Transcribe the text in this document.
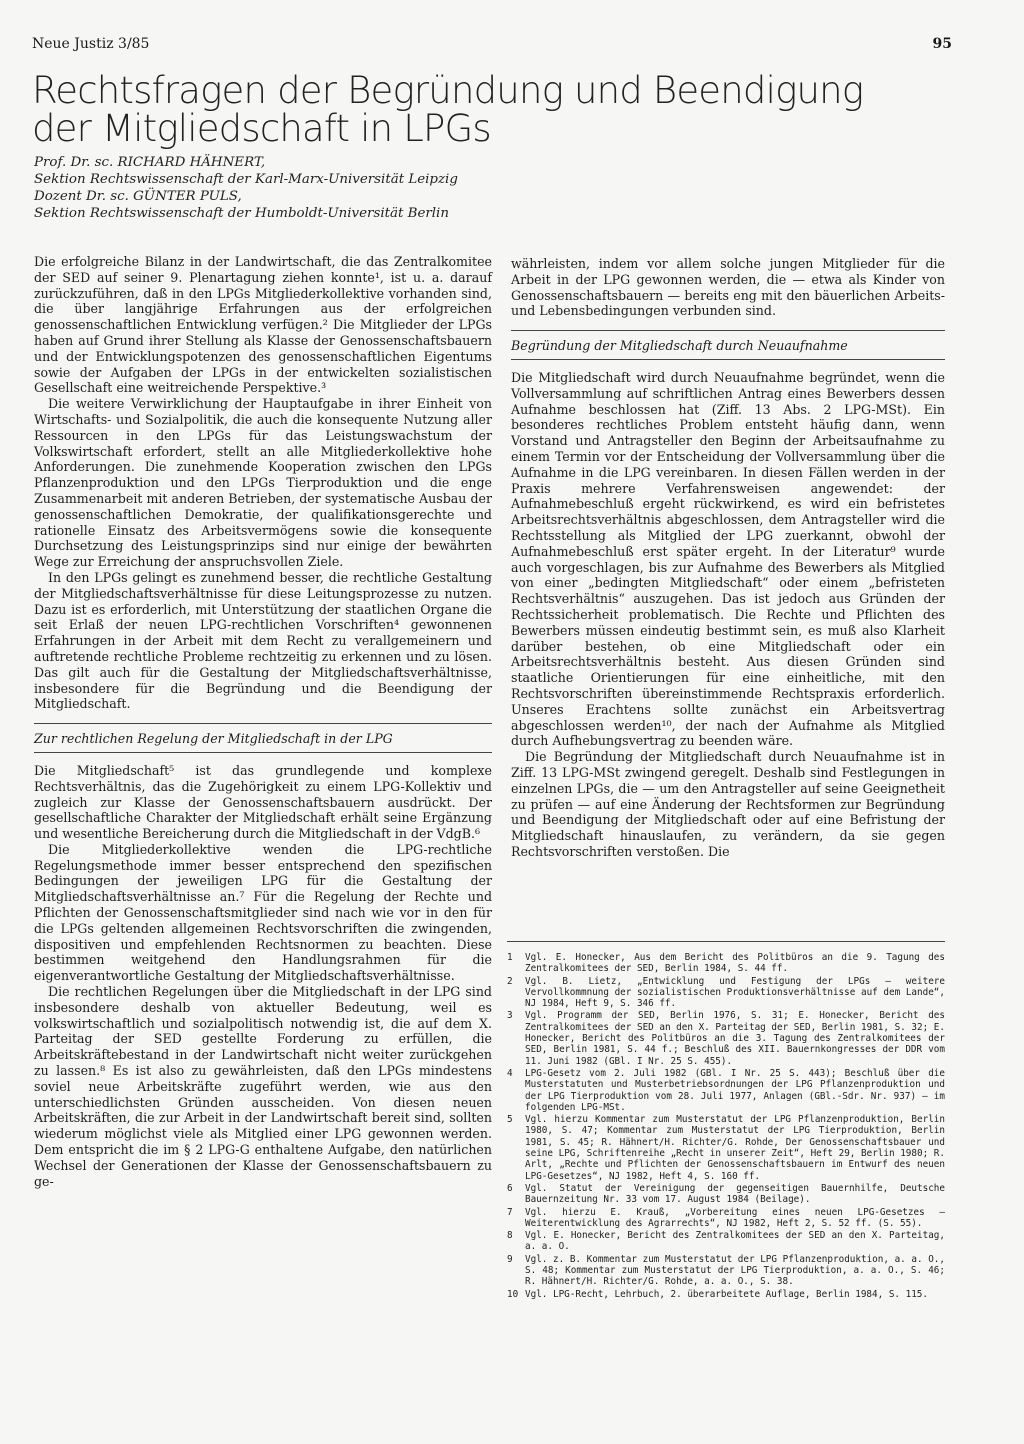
Neue Justiz 3/85	95
Rechtsfragen der Begründung und Beendigung
der Mitgliedschaft in LPGs
Prof. Dr. sc. RICHARD HÄHNERT,
Sektion Rechtswissenschaft der Karl-Marx-Universität Leipzig
Dozent Dr. sc. GÜNTER PULS,
Sektion Rechtswissenschaft der Humboldt-Universität Berlin

Die erfolgreiche Bilanz in der Landwirtschaft, die das Zentralkomitee der SED auf seiner 9. Plenartagung ziehen konnte¹, ist u. a. darauf zurückzuführen, daß in den LPGs Mitgliederkollektive vorhanden sind, die über langjährige Erfahrungen aus der erfolgreichen genossenschaftlichen Entwicklung verfügen.² Die Mitglieder der LPGs haben auf Grund ihrer Stellung als Klasse der Genossenschaftsbauern und der Entwicklungspotenzen des genossenschaftlichen Eigentums sowie der Aufgaben der LPGs in der entwickelten sozialistischen Gesellschaft eine weitreichende Perspektive.³

Die weitere Verwirklichung der Hauptaufgabe in ihrer Einheit von Wirtschafts- und Sozialpolitik, die auch die konsequente Nutzung aller Ressourcen in den LPGs für das Leistungswachstum der Volkswirtschaft erfordert, stellt an alle Mitgliederkollektive hohe Anforderungen. Die zunehmende Kooperation zwischen den LPGs Pflanzenproduktion und den LPGs Tierproduktion und die enge Zusammenarbeit mit anderen Betrieben, der systematische Ausbau der genossenschaftlichen Demokratie, der qualifikationsgerechte und rationelle Einsatz des Arbeitsvermögens sowie die konsequente Durchsetzung des Leistungsprinzips sind nur einige der bewährten Wege zur Erreichung der anspruchsvollen Ziele.

In den LPGs gelingt es zunehmend besser, die rechtliche Gestaltung der Mitgliedschaftsverhältnisse für diese Leitungsprozesse zu nutzen. Dazu ist es erforderlich, mit Unterstützung der staatlichen Organe die seit Erlaß der neuen LPG-rechtlichen Vorschriften⁴ gewonnenen Erfahrungen in der Arbeit mit dem Recht zu verallgemeinern und auftretende rechtliche Probleme rechtzeitig zu erkennen und zu lösen. Das gilt auch für die Gestaltung der Mitgliedschaftsverhältnisse, insbesondere für die Begründung und die Beendigung der Mitgliedschaft.

Zur rechtlichen Regelung der Mitgliedschaft in der LPG

Die Mitgliedschaft⁵ ist das grundlegende und komplexe Rechtsverhältnis, das die Zugehörigkeit zu einem LPG-Kollektiv und zugleich zur Klasse der Genossenschaftsbauern ausdrückt. Der gesellschaftliche Charakter der Mitgliedschaft erhält seine Ergänzung und wesentliche Bereicherung durch die Mitgliedschaft in der VdgB.⁶

Die Mitgliederkollektive wenden die LPG-rechtliche Regelungsmethode immer besser entsprechend den spezifischen Bedingungen der jeweiligen LPG für die Gestaltung der Mitgliedschaftsverhältnisse an.⁷ Für die Regelung der Rechte und Pflichten der Genossenschaftsmitglieder sind nach wie vor in den für die LPGs geltenden allgemeinen Rechtsvorschriften die zwingenden, dispositiven und empfehlenden Rechtsnormen zu beachten. Diese bestimmen weitgehend den Handlungsrahmen für die eigenverantwortliche Gestaltung der Mitgliedschaftsverhältnisse.

Die rechtlichen Regelungen über die Mitgliedschaft in der LPG sind insbesondere deshalb von aktueller Bedeutung, weil es volkswirtschaftlich und sozialpolitisch notwendig ist, die auf dem X. Parteitag der SED gestellte Forderung zu erfüllen, die Arbeitskräftebestand in der Landwirtschaft nicht weiter zurückgehen zu lassen.⁸ Es ist also zu gewährleisten, daß den LPGs mindestens soviel neue Arbeitskräfte zugeführt werden, wie aus den unterschiedlichsten Gründen ausscheiden. Von diesen neuen Arbeitskräften, die zur Arbeit in der Landwirtschaft bereit sind, sollten wiederum möglichst viele als Mitglied einer LPG gewonnen werden. Dem entspricht die im § 2 LPG-G enthaltene Aufgabe, den natürlichen Wechsel der Generationen der Klasse der Genossenschaftsbauern zu ge-

währleisten, indem vor allem solche jungen Mitglieder für die Arbeit in der LPG gewonnen werden, die — etwa als Kinder von Genossenschaftsbauern — bereits eng mit den bäuerlichen Arbeits- und Lebensbedingungen verbunden sind.

Begründung der Mitgliedschaft durch Neuaufnahme

Die Mitgliedschaft wird durch Neuaufnahme begründet, wenn die Vollversammlung auf schriftlichen Antrag eines Bewerbers dessen Aufnahme beschlossen hat (Ziff. 13 Abs. 2 LPG-MSt). Ein besonderes rechtliches Problem entsteht häufig dann, wenn Vorstand und Antragsteller den Beginn der Arbeitsaufnahme zu einem Termin vor der Entscheidung der Vollversammlung über die Aufnahme in die LPG vereinbaren. In diesen Fällen werden in der Praxis mehrere Verfahrensweisen angewendet: der Aufnahmebeschluß ergeht rückwirkend, es wird ein befristetes Arbeitsrechtsverhältnis abgeschlossen, dem Antragsteller wird die Rechtsstellung als Mitglied der LPG zuerkannt, obwohl der Aufnahmebeschluß erst später ergeht. In der Literatur⁹ wurde auch vorgeschlagen, bis zur Aufnahme des Bewerbers als Mitglied von einer „bedingten Mitgliedschaft“ oder einem „befristeten Rechtsverhältnis“ auszugehen. Das ist jedoch aus Gründen der Rechtssicherheit problematisch. Die Rechte und Pflichten des Bewerbers müssen eindeutig bestimmt sein, es muß also Klarheit darüber bestehen, ob eine Mitgliedschaft oder ein Arbeitsrechtsverhältnis besteht. Aus diesen Gründen sind staatliche Orientierungen für eine einheitliche, mit den Rechtsvorschriften übereinstimmende Rechtspraxis erforderlich. Unseres Erachtens sollte zunächst ein Arbeitsvertrag abgeschlossen werden¹⁰, der nach der Aufnahme als Mitglied durch Aufhebungsvertrag zu beenden wäre.

Die Begründung der Mitgliedschaft durch Neuaufnahme ist in Ziff. 13 LPG-MSt zwingend geregelt. Deshalb sind Festlegungen in einzelnen LPGs, die — um den Antragsteller auf seine Geeignetheit zu prüfen — auf eine Änderung der Rechtsformen zur Begründung und Beendigung der Mitgliedschaft oder auf eine Befristung der Mitgliedschaft hinauslaufen, zu verändern, da sie gegen Rechtsvorschriften verstoßen. Die

1	Vgl. E. Honecker, Aus dem Bericht des Politbüros an die 9. Tagung des Zentralkomitees der SED, Berlin 1984, S. 44 ff.
2	Vgl. B. Lietz, „Entwicklung und Festigung der LPGs — weitere Vervollkommnung der sozialistischen Produktionsverhältnisse auf dem Lande“, NJ 1984, Heft 9, S. 346 ff.
3	Vgl. Programm der SED, Berlin 1976, S. 31; E. Honecker, Bericht des Zentralkomitees der SED an den X. Parteitag der SED, Berlin 1981, S. 32; E. Honecker, Bericht des Politbüros an die 3. Tagung des Zentralkomitees der SED, Berlin 1981, S. 44 f.; Beschluß des XII. Bauernkongresses der DDR vom 11. Juni 1982 (GBl. I Nr. 25 S. 455).
4	LPG-Gesetz vom 2. Juli 1982 (GBl. I Nr. 25 S. 443); Beschluß über die Musterstatuten und Musterbetriebsordnungen der LPG Pflanzenproduktion und der LPG Tierproduktion vom 28. Juli 1977, Anlagen (GBl.-Sdr. Nr. 937) — im folgenden LPG-MSt.
5	Vgl. hierzu Kommentar zum Musterstatut der LPG Pflanzenproduktion, Berlin 1980, S. 47; Kommentar zum Musterstatut der LPG Tierproduktion, Berlin 1981, S. 45; R. Hähnert/H. Richter/G. Rohde, Der Genossenschaftsbauer und seine LPG, Schriftenreihe „Recht in unserer Zeit“, Heft 29, Berlin 1980; R. Arlt, „Rechte und Pflichten der Genossenschaftsbauern im Entwurf des neuen LPG-Gesetzes“, NJ 1982, Heft 4, S. 160 ff.
6	Vgl. Statut der Vereinigung der gegenseitigen Bauernhilfe, Deutsche Bauernzeitung Nr. 33 vom 17. August 1984 (Beilage).
7	Vgl. hierzu E. Krauß, „Vorbereitung eines neuen LPG-Gesetzes — Weiterentwicklung des Agrarrechts“, NJ 1982, Heft 2, S. 52 ff. (S. 55).
8	Vgl. E. Honecker, Bericht des Zentralkomitees der SED an den X. Parteitag, a. a. O.
9	Vgl. z. B. Kommentar zum Musterstatut der LPG Pflanzenproduktion, a. a. O., S. 48; Kommentar zum Musterstatut der LPG Tierproduktion, a. a. O., S. 46; R. Hähnert/H. Richter/G. Rohde, a. a. O., S. 38.
10 Vgl. LPG-Recht, Lehrbuch, 2. überarbeitete Auflage, Berlin 1984, S. 115.
